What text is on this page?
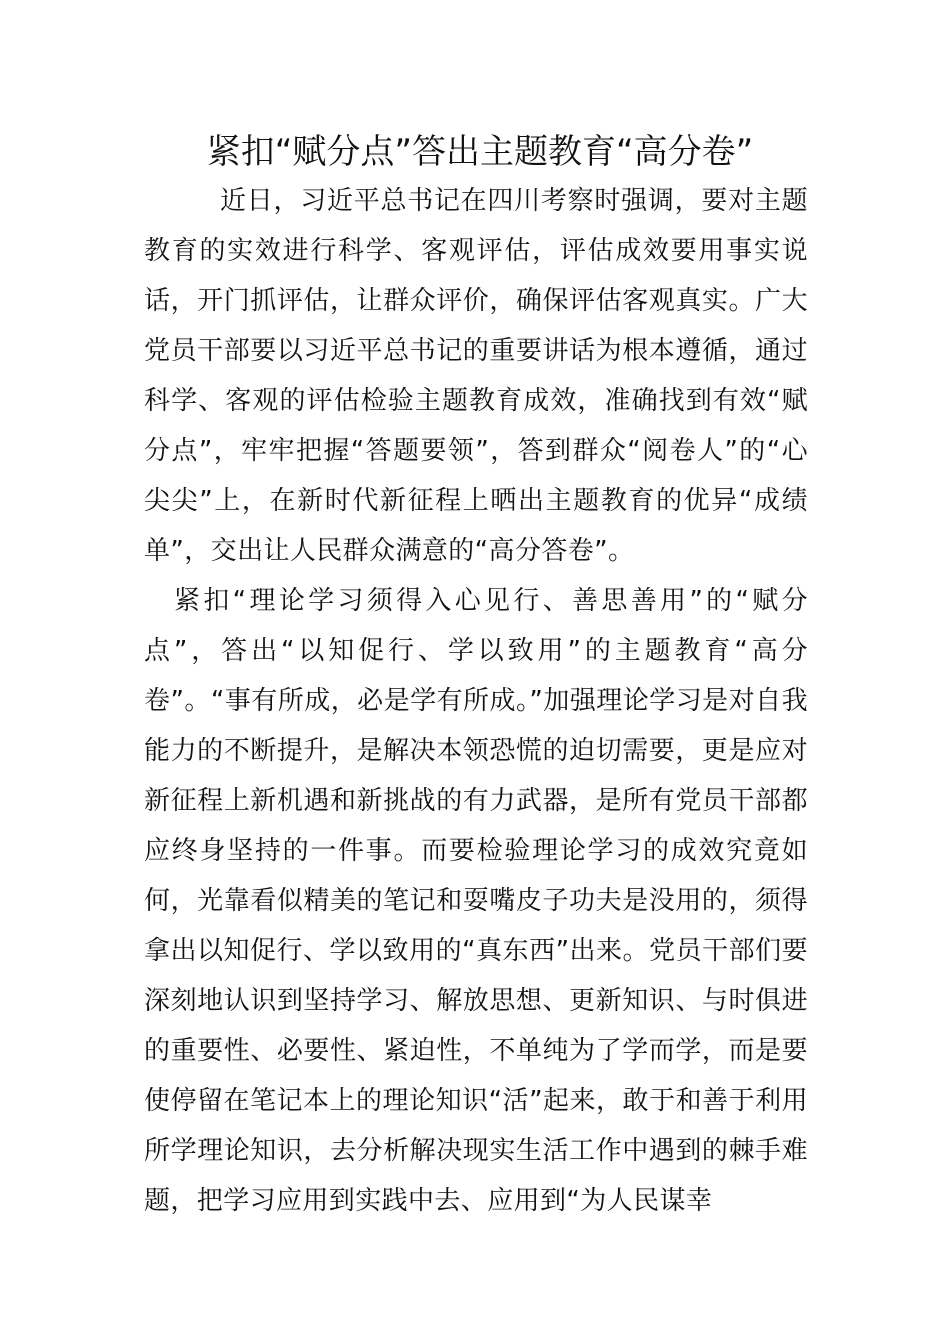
紧扣“赋分点”答出主题教育“高分卷”

近日，习近平总书记在四川考察时强调，要对主题教育的实效进行科学、客观评估，评估成效要用事实说话，开门抓评估，让群众评价，确保评估客观真实。广大党员干部要以习近平总书记的重要讲话为根本遵循，通过科学、客观的评估检验主题教育成效，准确找到有效“赋分点”，牢牢把握“答题要领”，答到群众“阅卷人”的“心尖尖”上，在新时代新征程上晒出主题教育的优异“成绩单”，交出让人民群众满意的“高分答卷”。

紧扣“理论学习须得入心见行、善思善用”的“赋分点”，答出“以知促行、学以致用”的主题教育“高分卷”。“事有所成，必是学有所成。”加强理论学习是对自我能力的不断提升，是解决本领恐慌的迫切需要，更是应对新征程上新机遇和新挑战的有力武器，是所有党员干部都应终身坚持的一件事。而要检验理论学习的成效究竟如何，光靠看似精美的笔记和耍嘴皮子功夫是没用的，须得拿出以知促行、学以致用的“真东西”出来。党员干部们要深刻地认识到坚持学习、解放思想、更新知识、与时俱进的重要性、必要性、紧迫性，不单纯为了学而学，而是要使停留在笔记本上的理论知识“活”起来，敢于和善于利用所学理论知识，去分析解决现实生活工作中遇到的棘手难题，把学习应用到实践中去、应用到“为人民谋幸
